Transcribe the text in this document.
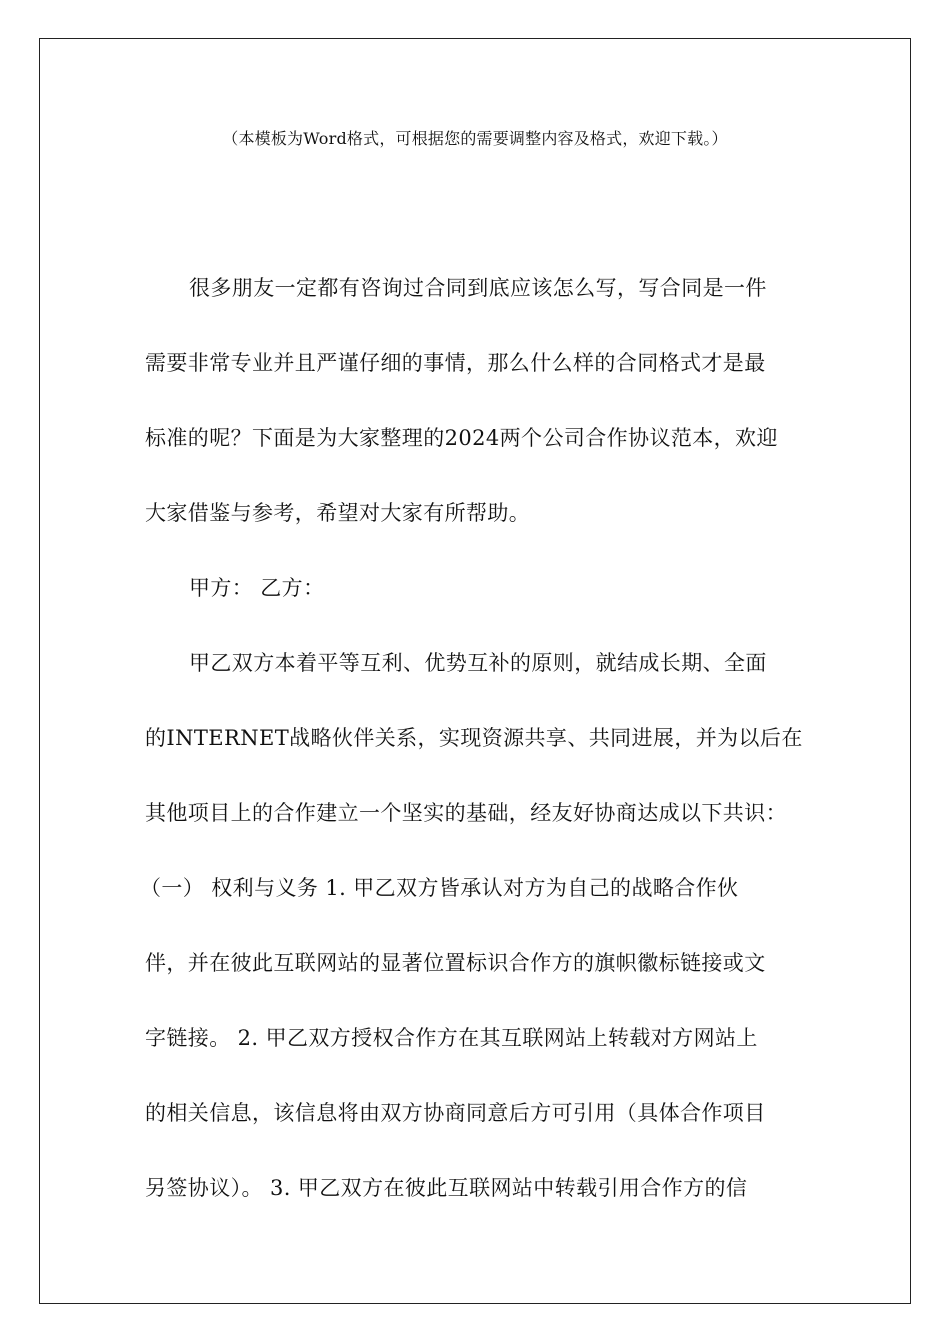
（本模板为Word格式，可根据您的需要调整内容及格式，欢迎下载。）
很多朋友一定都有咨询过合同到底应该怎么写，写合同是一件
需要非常专业并且严谨仔细的事情，那么什么样的合同格式才是最
标准的呢？下面是为大家整理的2024两个公司合作协议范本，欢迎
大家借鉴与参考，希望对大家有所帮助。
甲方： 乙方：
甲乙双方本着平等互利、优势互补的原则，就结成长期、全面
的INTERNET战略伙伴关系，实现资源共享、共同进展，并为以后在
其他项目上的合作建立一个坚实的基础，经友好协商达成以下共识：
（一） 权利与义务 1. 甲乙双方皆承认对方为自己的战略合作伙
伴，并在彼此互联网站的显著位置标识合作方的旗帜徽标链接或文
字链接。 2. 甲乙双方授权合作方在其互联网站上转载对方网站上
的相关信息，该信息将由双方协商同意后方可引用（具体合作项目
另签协议）。 3. 甲乙双方在彼此互联网站中转载引用合作方的信
